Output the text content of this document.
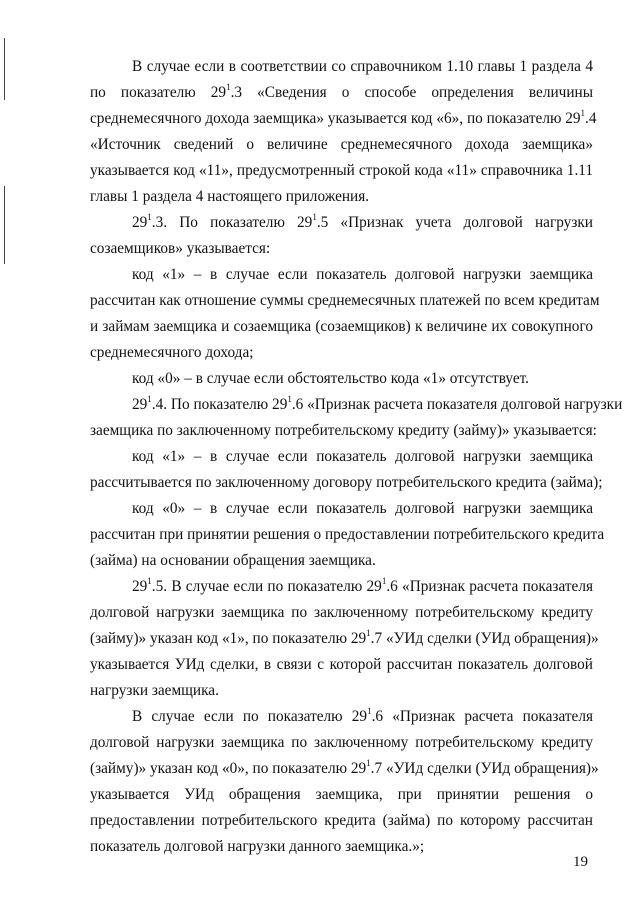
В случае если в соответствии со справочником 1.10 главы 1 раздела 4
по показателю $29^1.3$ «Сведения о способе определения величины
среднемесячного дохода заемщика» указывается код «6», по показателю $29^1.4$
«Источник сведений о величине среднемесячного дохода заемщика»
указывается код «11», предусмотренный строкой кода «11» справочника 1.11
главы 1 раздела 4 настоящего приложения.
$29^1.3$. По показателю $29^1.5$ «Признак учета долговой нагрузки
созаемщиков» указывается:
код «1» – в случае если показатель долговой нагрузки заемщика
рассчитан как отношение суммы среднемесячных платежей по всем кредитам
и займам заемщика и созаемщика (созаемщиков) к величине их совокупного
среднемесячного дохода;
код «0» – в случае если обстоятельство кода «1» отсутствует.
$29^1.4$. По показателю $29^1.6$ «Признак расчета показателя долговой нагрузки
заемщика по заключенному потребительскому кредиту (займу)» указывается:
код «1» – в случае если показатель долговой нагрузки заемщика
рассчитывается по заключенному договору потребительского кредита (займа);
код «0» – в случае если показатель долговой нагрузки заемщика
рассчитан при принятии решения о предоставлении потребительского кредита
(займа) на основании обращения заемщика.
$29^1.5$. В случае если по показателю $29^1.6$ «Признак расчета показателя
долговой нагрузки заемщика по заключенному потребительскому кредиту
(займу)» указан код «1», по показателю $29^1.7$ «УИд сделки (УИд обращения)»
указывается УИд сделки, в связи с которой рассчитан показатель долговой
нагрузки заемщика.
В случае если по показателю $29^1.6$ «Признак расчета показателя
долговой нагрузки заемщика по заключенному потребительскому кредиту
(займу)» указан код «0», по показателю $29^1.7$ «УИд сделки (УИд обращения)»
указывается УИд обращения заемщика, при принятии решения о
предоставлении потребительского кредита (займа) по которому рассчитан
показатель долговой нагрузки данного заемщика.»;
19
